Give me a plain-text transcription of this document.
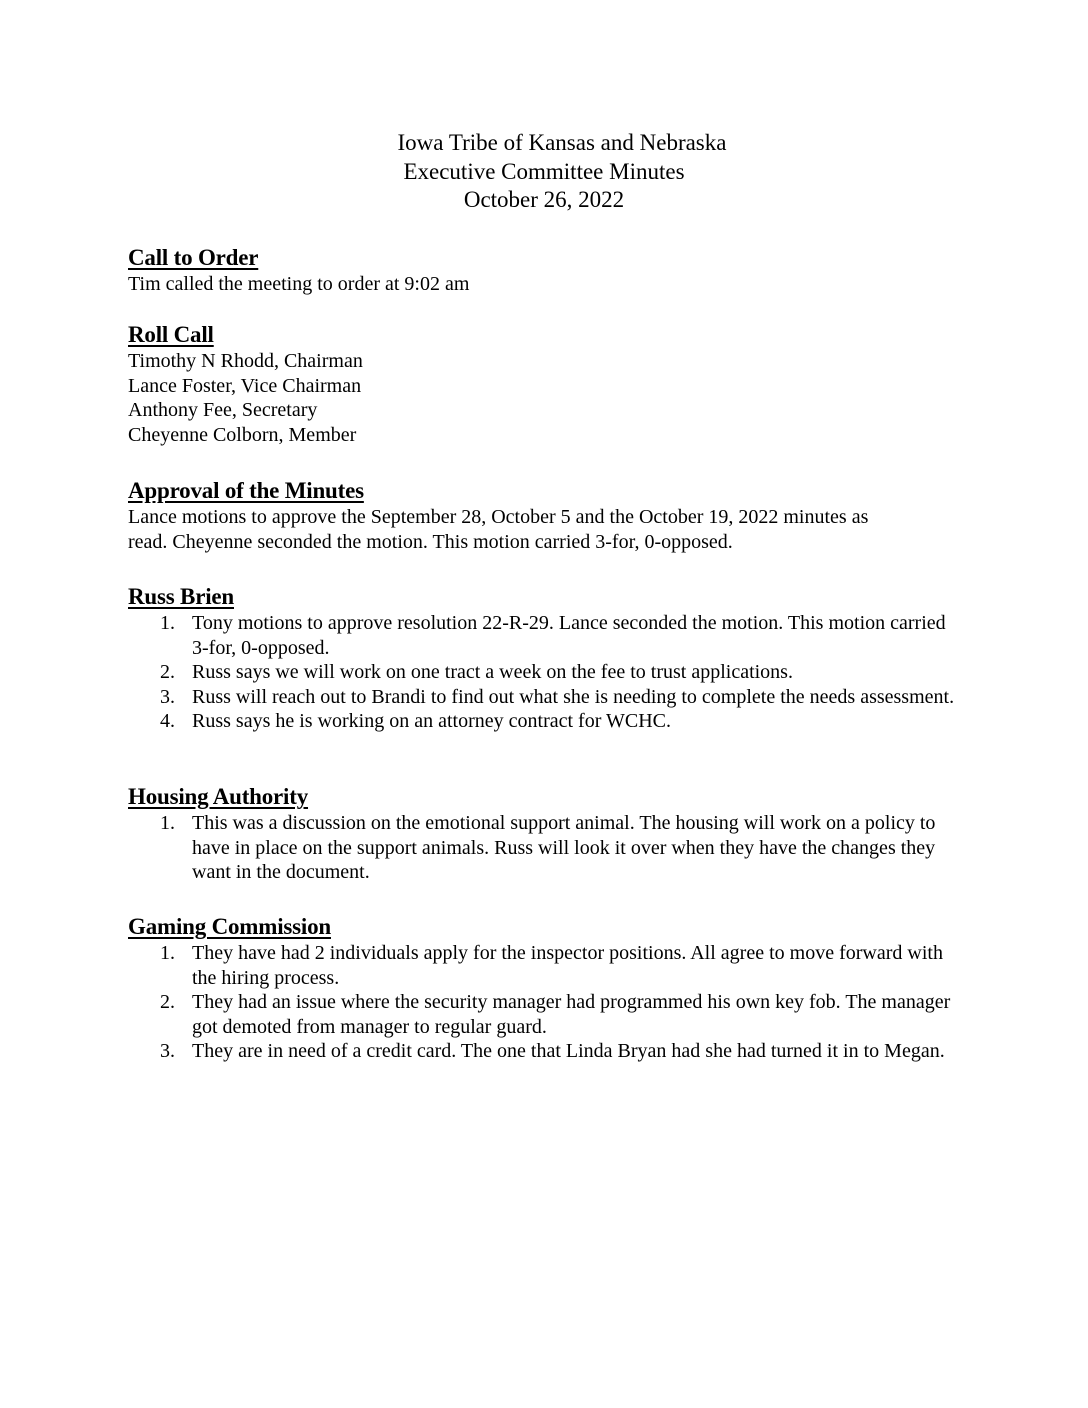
Iowa Tribe of Kansas and Nebraska
Executive Committee Minutes
October 26, 2022
Call to Order
Tim called the meeting to order at 9:02 am
Roll Call
Timothy N Rhodd, Chairman
Lance Foster, Vice Chairman
Anthony Fee, Secretary
Cheyenne Colborn, Member
Approval of the Minutes
Lance motions to approve the September 28, October 5 and the October 19, 2022 minutes as
read. Cheyenne seconded the motion. This motion carried 3-for, 0-opposed.
Russ Brien
1. Tony motions to approve resolution 22-R-29. Lance seconded the motion. This motion carried 3-for, 0-opposed.
2. Russ says we will work on one tract a week on the fee to trust applications.
3. Russ will reach out to Brandi to find out what she is needing to complete the needs assessment.
4. Russ says he is working on an attorney contract for WCHC.
Housing Authority
1. This was a discussion on the emotional support animal. The housing will work on a policy to have in place on the support animals. Russ will look it over when they have the changes they want in the document.
Gaming Commission
1. They have had 2 individuals apply for the inspector positions. All agree to move forward with the hiring process.
2. They had an issue where the security manager had programmed his own key fob. The manager got demoted from manager to regular guard.
3. They are in need of a credit card. The one that Linda Bryan had she had turned it in to Megan.
